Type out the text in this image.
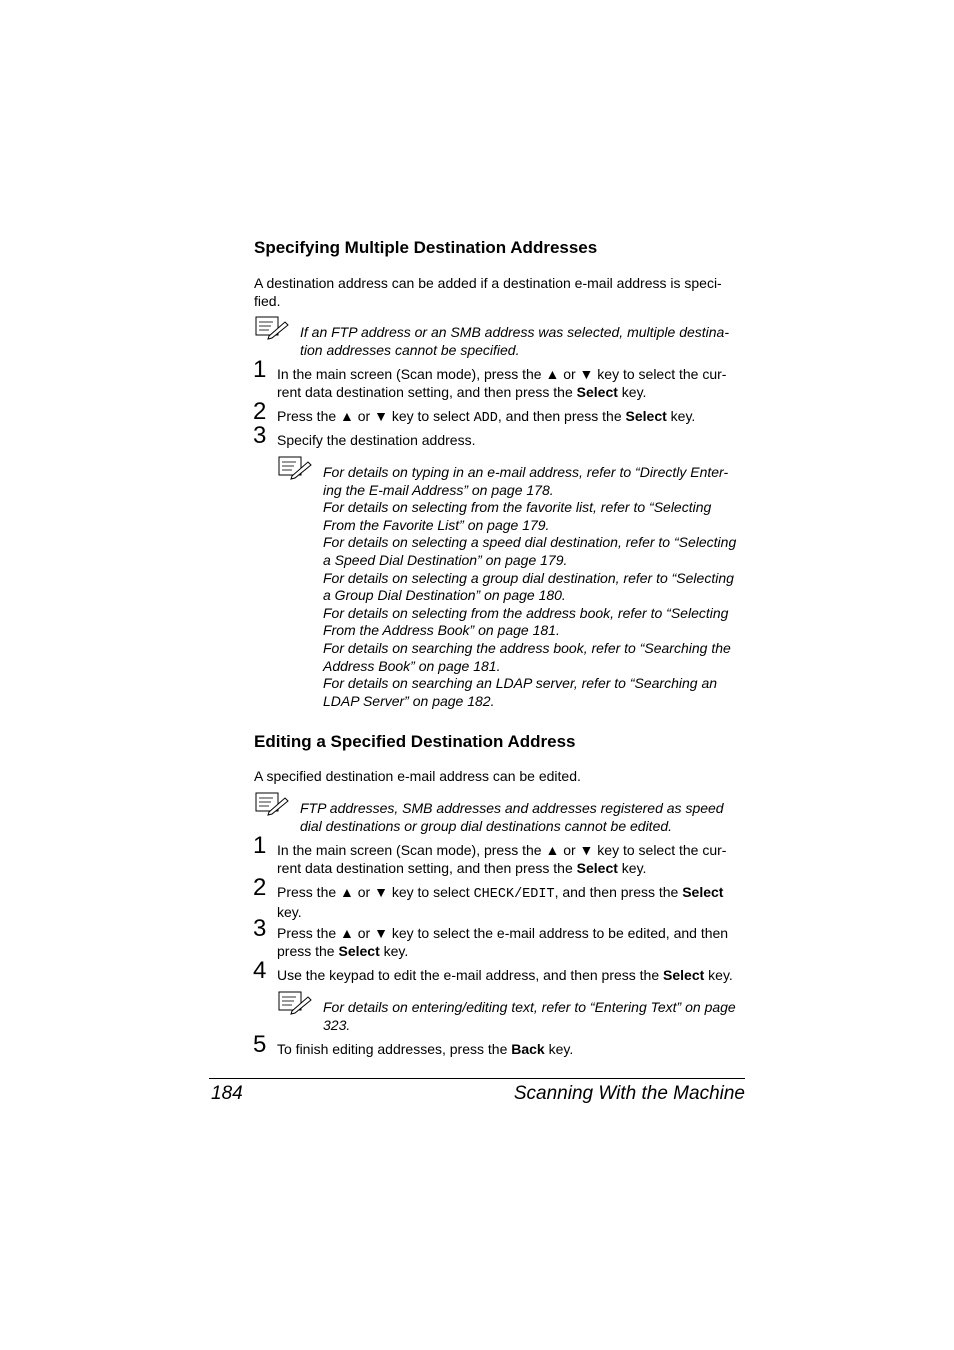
Specifying Multiple Destination Addresses
A destination address can be added if a destination e-mail address is speci-
fied.
If an FTP address or an SMB address was selected, multiple destina-
tion addresses cannot be specified.
1 In the main screen (Scan mode), press the ▲ or ▼ key to select the cur-
rent data destination setting, and then press the Select key.
2 Press the ▲ or ▼ key to select ADD, and then press the Select key.
3 Specify the destination address.
For details on typing in an e-mail address, refer to “Directly Enter-
ing the E-mail Address” on page 178.
For details on selecting from the favorite list, refer to “Selecting
From the Favorite List” on page 179.
For details on selecting a speed dial destination, refer to “Selecting
a Speed Dial Destination” on page 179.
For details on selecting a group dial destination, refer to “Selecting
a Group Dial Destination” on page 180.
For details on selecting from the address book, refer to “Selecting
From the Address Book” on page 181.
For details on searching the address book, refer to “Searching the
Address Book” on page 181.
For details on searching an LDAP server, refer to “Searching an
LDAP Server” on page 182.
Editing a Specified Destination Address
A specified destination e-mail address can be edited.
FTP addresses, SMB addresses and addresses registered as speed
dial destinations or group dial destinations cannot be edited.
1 In the main screen (Scan mode), press the ▲ or ▼ key to select the cur-
rent data destination setting, and then press the Select key.
2 Press the ▲ or ▼ key to select CHECK/EDIT, and then press the Select
key.
3 Press the ▲ or ▼ key to select the e-mail address to be edited, and then
press the Select key.
4 Use the keypad to edit the e-mail address, and then press the Select key.
For details on entering/editing text, refer to “Entering Text” on page
323.
5 To finish editing addresses, press the Back key.
184	Scanning With the Machine
